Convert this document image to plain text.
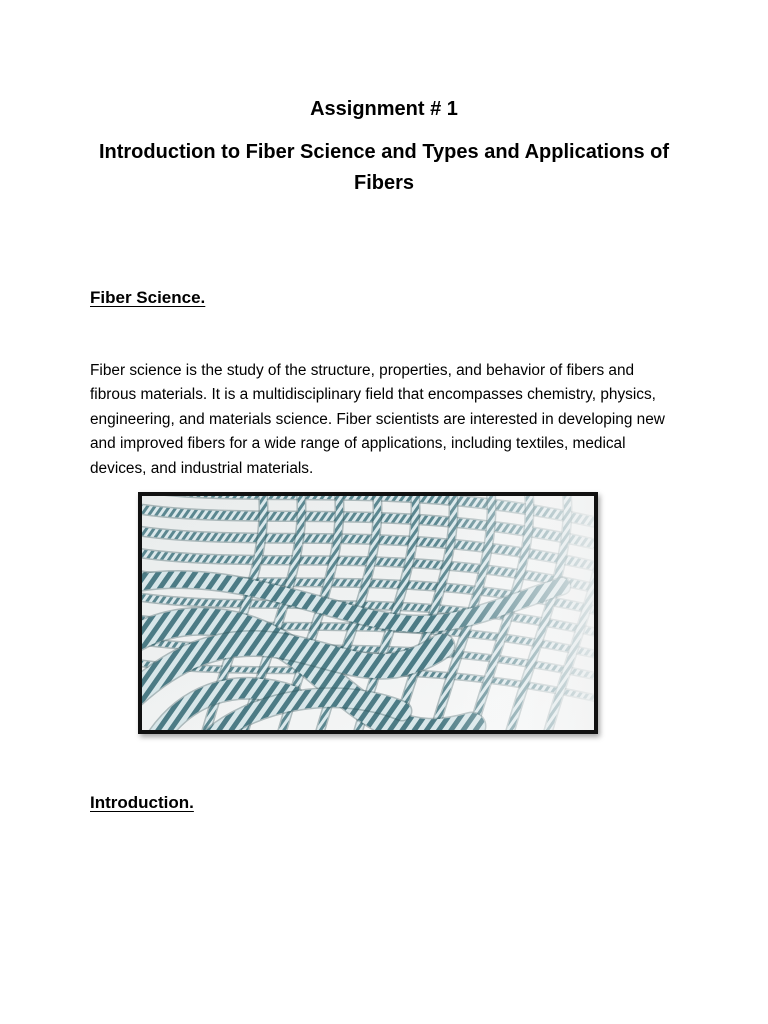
Assignment # 1
Introduction to Fiber Science and Types and Applications of Fibers
Fiber Science.

Fiber science is the study of the structure, properties, and behavior of fibers and fibrous materials. It is a multidisciplinary field that encompasses chemistry, physics, engineering, and materials science. Fiber scientists are interested in developing new and improved fibers for a wide range of applications, including textiles, medical devices, and industrial materials.

Introduction.
